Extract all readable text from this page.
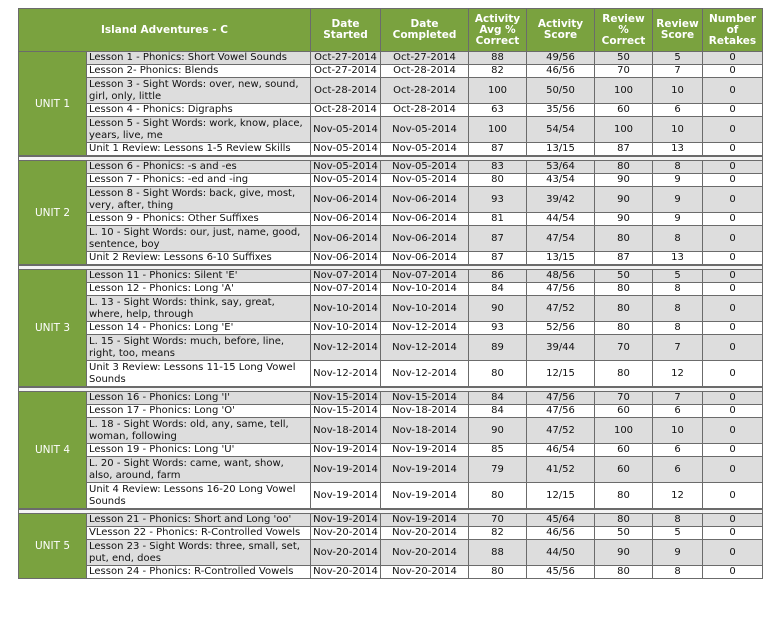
Island Adventures - C		Date Started	Date Completed	Activity Avg % Correct	Activity Score	Review % Correct	Review Score	Number of Retakes
UNIT 1	Lesson 1 - Phonics: Short Vowel Sounds	Oct-27-2014	Oct-27-2014	88	49/56	50	5	0
	Lesson 2- Phonics: Blends	Oct-27-2014	Oct-28-2014	82	46/56	70	7	0
	Lesson 3 - Sight Words: over, new, sound, girl, only, little	Oct-28-2014	Oct-28-2014	100	50/50	100	10	0
	Lesson 4 - Phonics: Digraphs	Oct-28-2014	Oct-28-2014	63	35/56	60	6	0
	Lesson 5 - Sight Words: work, know, place, years, live, me	Nov-05-2014	Nov-05-2014	100	54/54	100	10	0
	Unit 1 Review: Lessons 1-5 Review Skills	Nov-05-2014	Nov-05-2014	87	13/15	87	13	0

UNIT 2	Lesson 6 - Phonics: -s and -es	Nov-05-2014	Nov-05-2014	83	53/64	80	8	0
	Lesson 7 - Phonics: -ed and -ing	Nov-05-2014	Nov-05-2014	80	43/54	90	9	0
	Lesson 8 - Sight Words: back, give, most, very, after, thing	Nov-06-2014	Nov-06-2014	93	39/42	90	9	0
	Lesson 9 - Phonics: Other Suffixes	Nov-06-2014	Nov-06-2014	81	44/54	90	9	0
	L. 10 - Sight Words: our, just, name, good, sentence, boy	Nov-06-2014	Nov-06-2014	87	47/54	80	8	0
	Unit 2 Review: Lessons 6-10 Suffixes	Nov-06-2014	Nov-06-2014	87	13/15	87	13	0

UNIT 3	Lesson 11 - Phonics: Silent 'E'	Nov-07-2014	Nov-07-2014	86	48/56	50	5	0
	Lesson 12 - Phonics: Long 'A'	Nov-07-2014	Nov-10-2014	84	47/56	80	8	0
	L. 13 - Sight Words: think, say, great, where, help, through	Nov-10-2014	Nov-10-2014	90	47/52	80	8	0
	Lesson 14 - Phonics: Long 'E'	Nov-10-2014	Nov-12-2014	93	52/56	80	8	0
	L. 15 - Sight Words: much, before, line, right, too, means	Nov-12-2014	Nov-12-2014	89	39/44	70	7	0
	Unit 3 Review: Lessons 11-15 Long Vowel Sounds	Nov-12-2014	Nov-12-2014	80	12/15	80	12	0

UNIT 4	Lesson 16 - Phonics: Long 'I'	Nov-15-2014	Nov-15-2014	84	47/56	70	7	0
	Lesson 17 - Phonics: Long 'O'	Nov-15-2014	Nov-18-2014	84	47/56	60	6	0
	L. 18 - Sight Words: old, any, same, tell, woman, following	Nov-18-2014	Nov-18-2014	90	47/52	100	10	0
	Lesson 19 - Phonics: Long 'U'	Nov-19-2014	Nov-19-2014	85	46/54	60	6	0
	L. 20 - Sight Words: came, want, show, also, around, farm	Nov-19-2014	Nov-19-2014	79	41/52	60	6	0
	Unit 4 Review: Lessons 16-20 Long Vowel Sounds	Nov-19-2014	Nov-19-2014	80	12/15	80	12	0

UNIT 5	Lesson 21 - Phonics: Short and Long 'oo'	Nov-19-2014	Nov-19-2014	70	45/64	80	8	0
	VLesson 22 - Phonics: R-Controlled Vowels	Nov-20-2014	Nov-20-2014	82	46/56	50	5	0
	Lesson 23 - Sight Words: three, small, set, put, end, does	Nov-20-2014	Nov-20-2014	88	44/50	90	9	0
	Lesson 24 - Phonics: R-Controlled Vowels	Nov-20-2014	Nov-20-2014	80	45/56	80	8	0
